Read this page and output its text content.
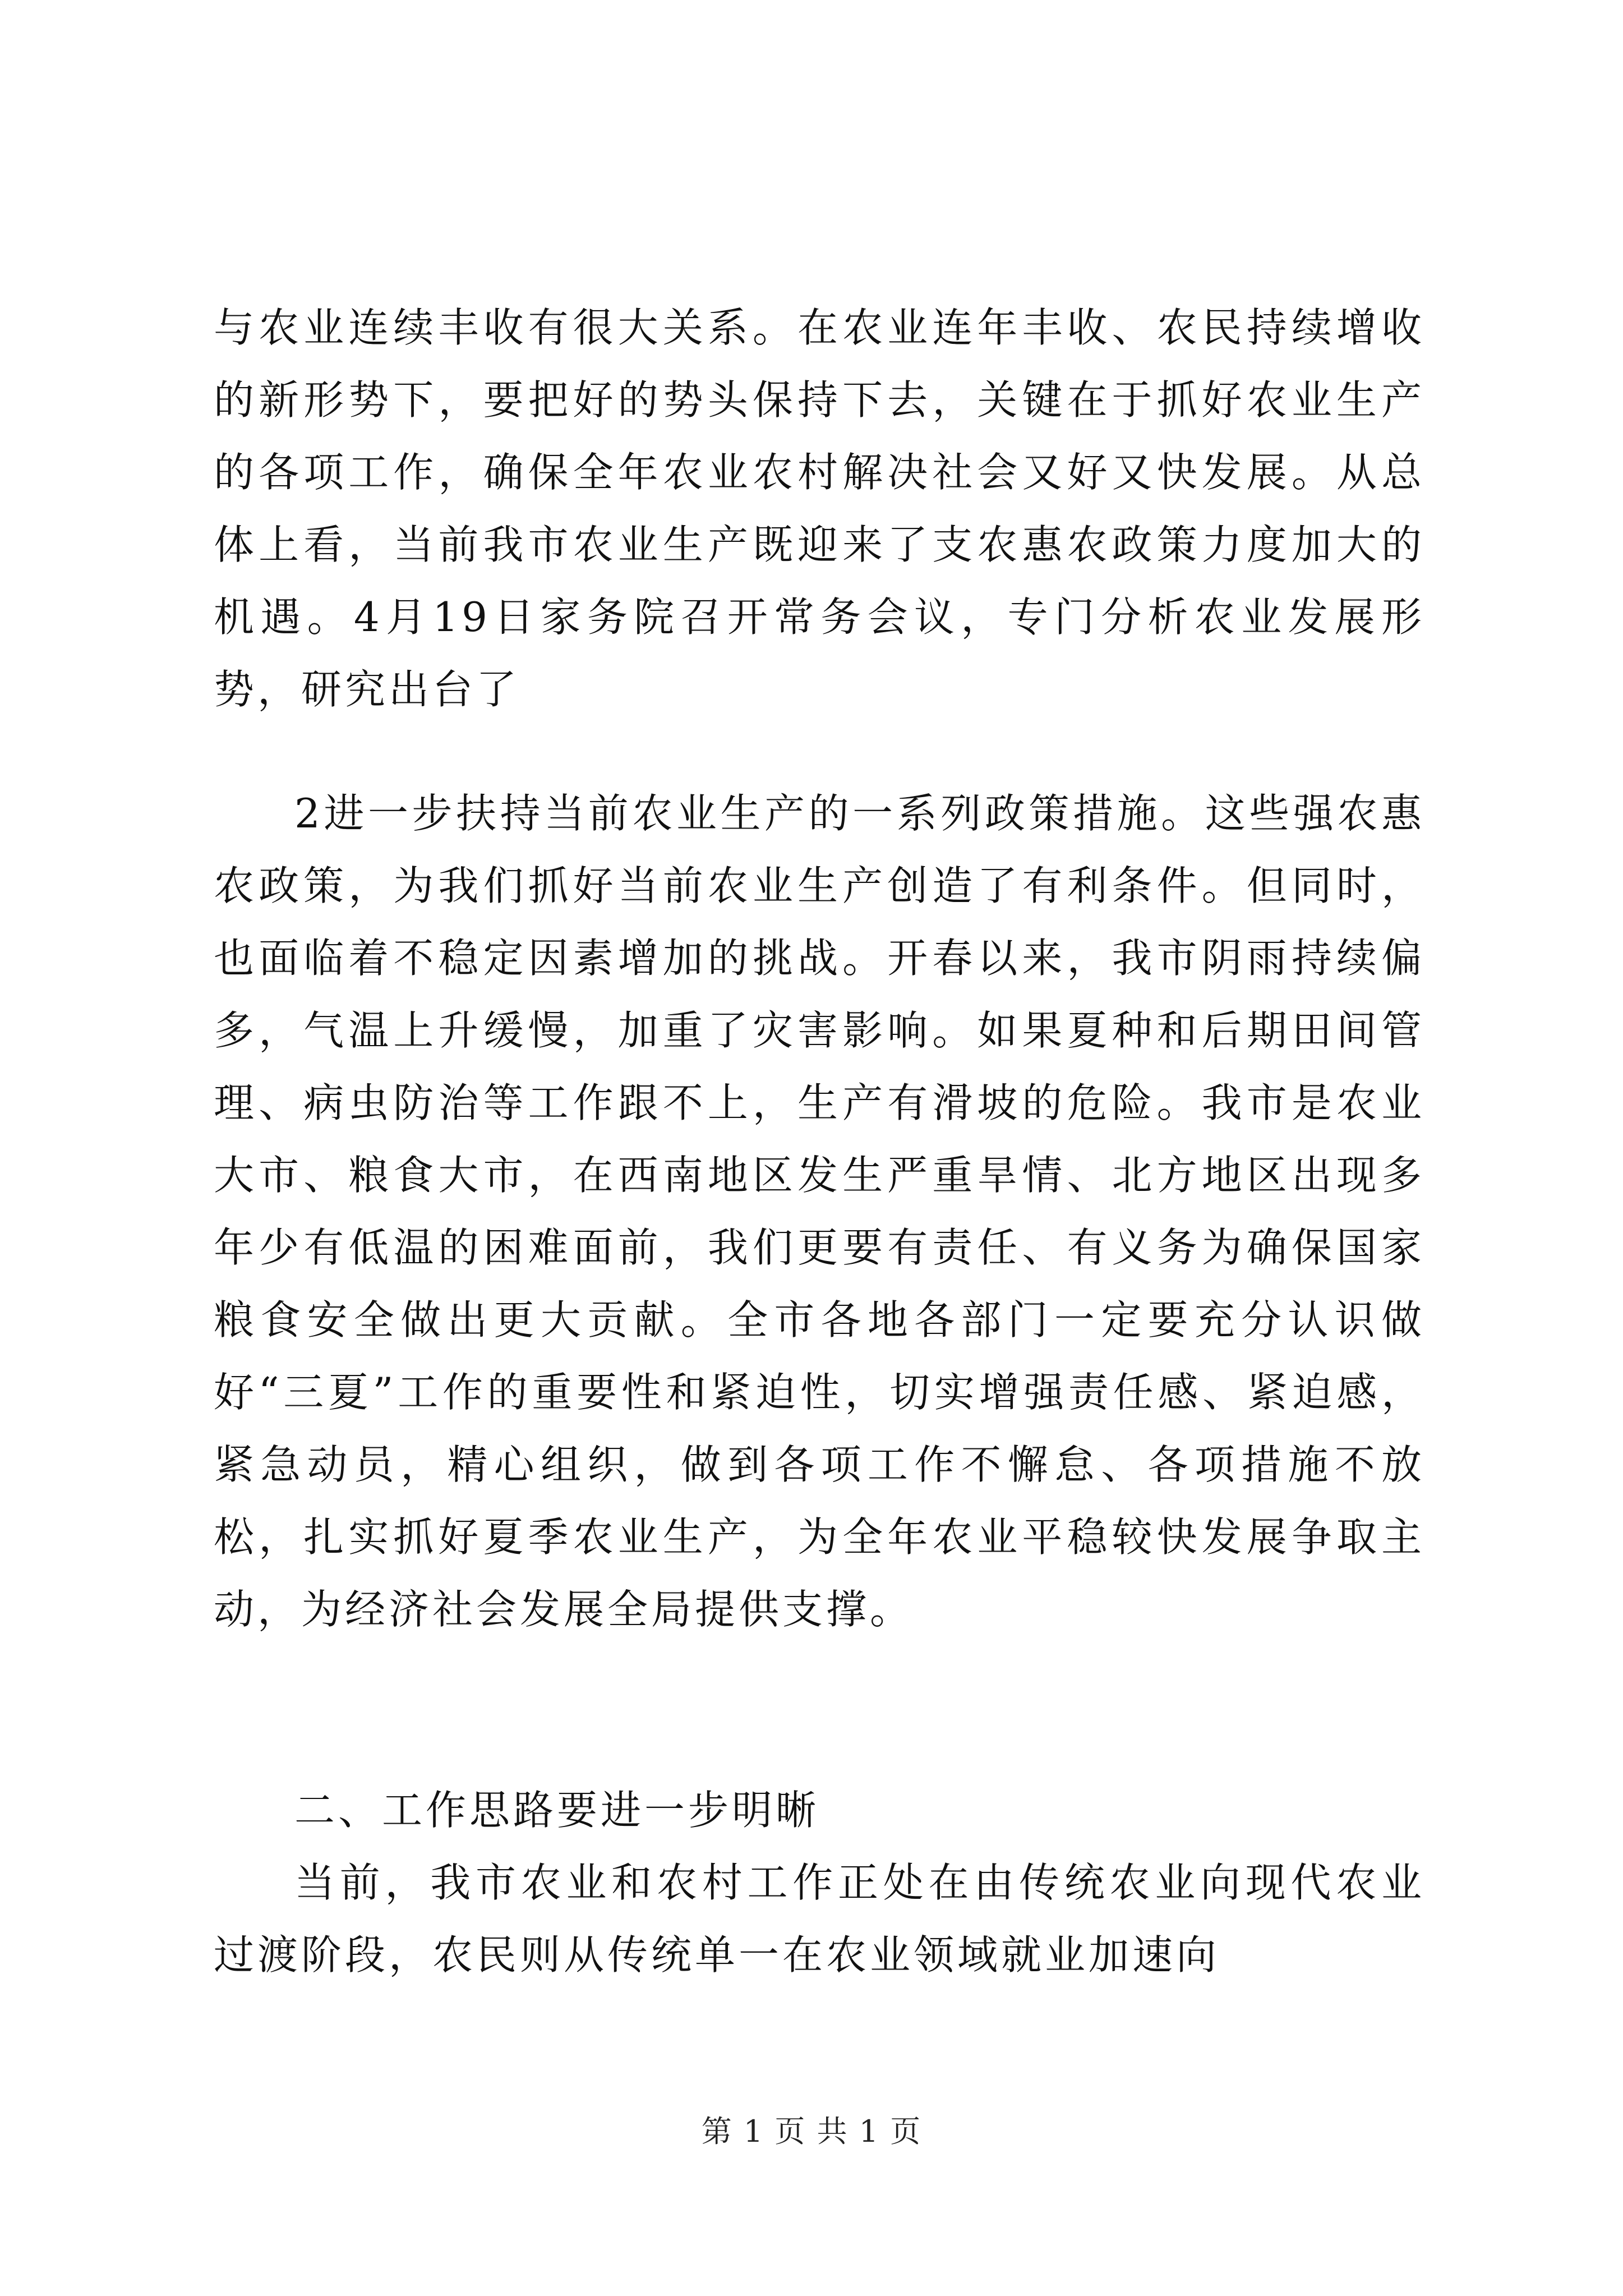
与农业连续丰收有很大关系。在农业连年丰收、农民持续增收的新形势下，要把好的势头保持下去，关键在于抓好农业生产的各项工作，确保全年农业农村解决社会又好又快发展。从总体上看，当前我市农业生产既迎来了支农惠农政策力度加大的机遇。4月19日家务院召开常务会议，专门分析农业发展形势，研究出台了

2进一步扶持当前农业生产的一系列政策措施。这些强农惠农政策，为我们抓好当前农业生产创造了有利条件。但同时，也面临着不稳定因素增加的挑战。开春以来，我市阴雨持续偏多，气温上升缓慢，加重了灾害影响。如果夏种和后期田间管理、病虫防治等工作跟不上，生产有滑坡的危险。我市是农业大市、粮食大市，在西南地区发生严重旱情、北方地区出现多年少有低温的困难面前，我们更要有责任、有义务为确保国家粮食安全做出更大贡献。全市各地各部门一定要充分认识做好“三夏”工作的重要性和紧迫性，切实增强责任感、紧迫感，紧急动员，精心组织，做到各项工作不懈怠、各项措施不放松，扎实抓好夏季农业生产，为全年农业平稳较快发展争取主动，为经济社会发展全局提供支撑。

二、工作思路要进一步明晰

当前，我市农业和农村工作正处在由传统农业向现代农业过渡阶段，农民则从传统单一在农业领域就业加速向

第 1 页 共 1 页
